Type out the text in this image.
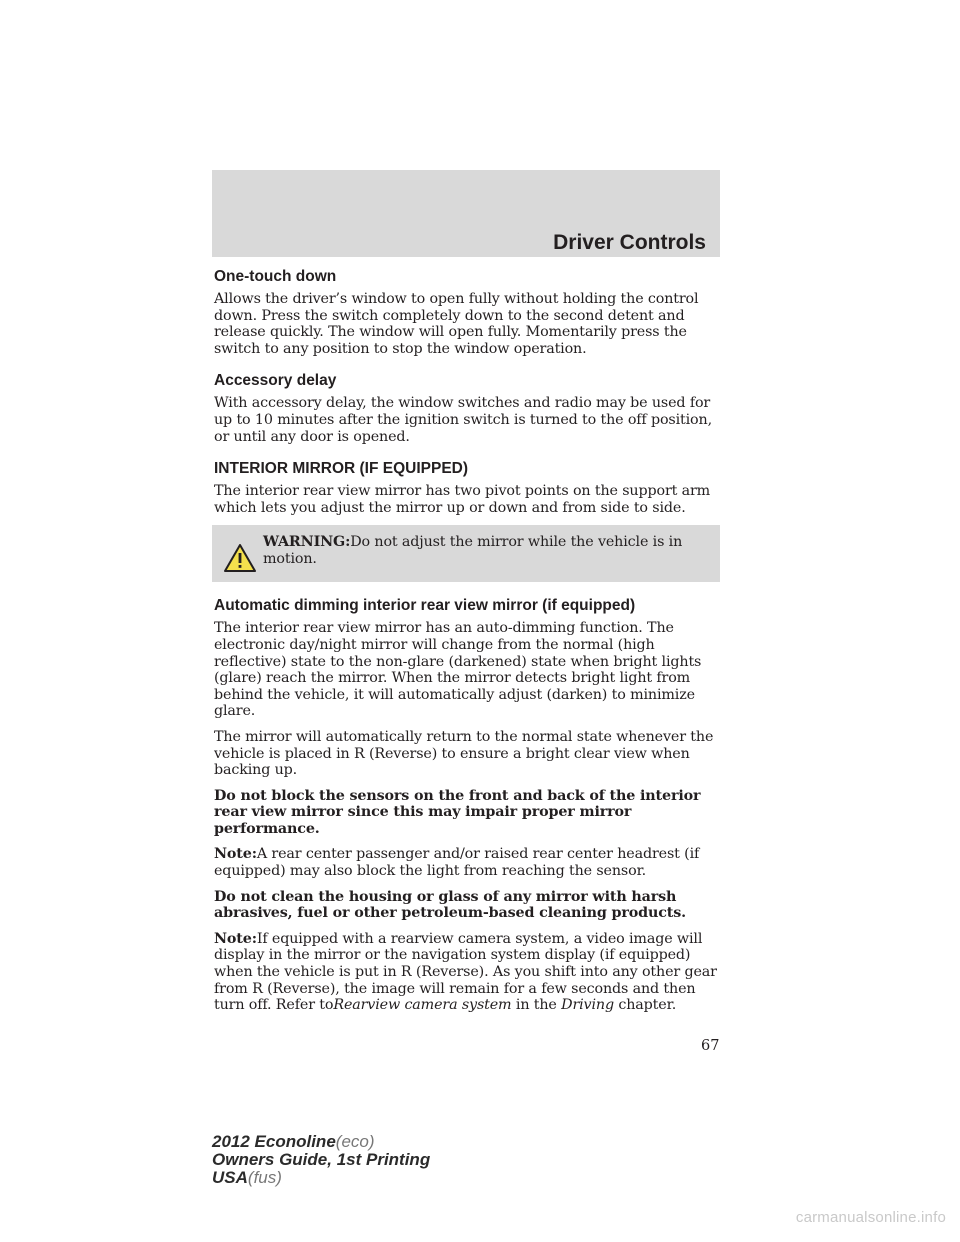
Driver Controls
One-touch down

Allows the driver’s window to open fully without holding the control down. Press the switch completely down to the second detent and release quickly. The window will open fully. Momentarily press the switch to any position to stop the window operation.

Accessory delay

With accessory delay, the window switches and radio may be used for up to 10 minutes after the ignition switch is turned to the off position, or until any door is opened.

INTERIOR MIRROR (IF EQUIPPED)

The interior rear view mirror has two pivot points on the support arm which lets you adjust the mirror up or down and from side to side.

WARNING:Do not adjust the mirror while the vehicle is in motion.
Automatic dimming interior rear view mirror (if equipped)

The interior rear view mirror has an auto-dimming function. The electronic day/night mirror will change from the normal (high reflective) state to the non-glare (darkened) state when bright lights (glare) reach the mirror. When the mirror detects bright light from behind the vehicle, it will automatically adjust (darken) to minimize glare.

The mirror will automatically return to the normal state whenever the vehicle is placed in R (Reverse) to ensure a bright clear view when backing up.

Do not block the sensors on the front and back of the interior rear view mirror since this may impair proper mirror performance.

Note:A rear center passenger and/or raised rear center headrest (if equipped) may also block the light from reaching the sensor.

Do not clean the housing or glass of any mirror with harsh abrasives, fuel or other petroleum-based cleaning products.

Note:If equipped with a rearview camera system, a video image will display in the mirror or the navigation system display (if equipped) when the vehicle is put in R (Reverse). As you shift into any other gear from R (Reverse), the image will remain for a few seconds and then turn off. Refer toRearview camera system in the Driving chapter.

67
2012 Econoline(eco)
Owners Guide, 1st Printing
USA(fus)
carmanualsonline.info
